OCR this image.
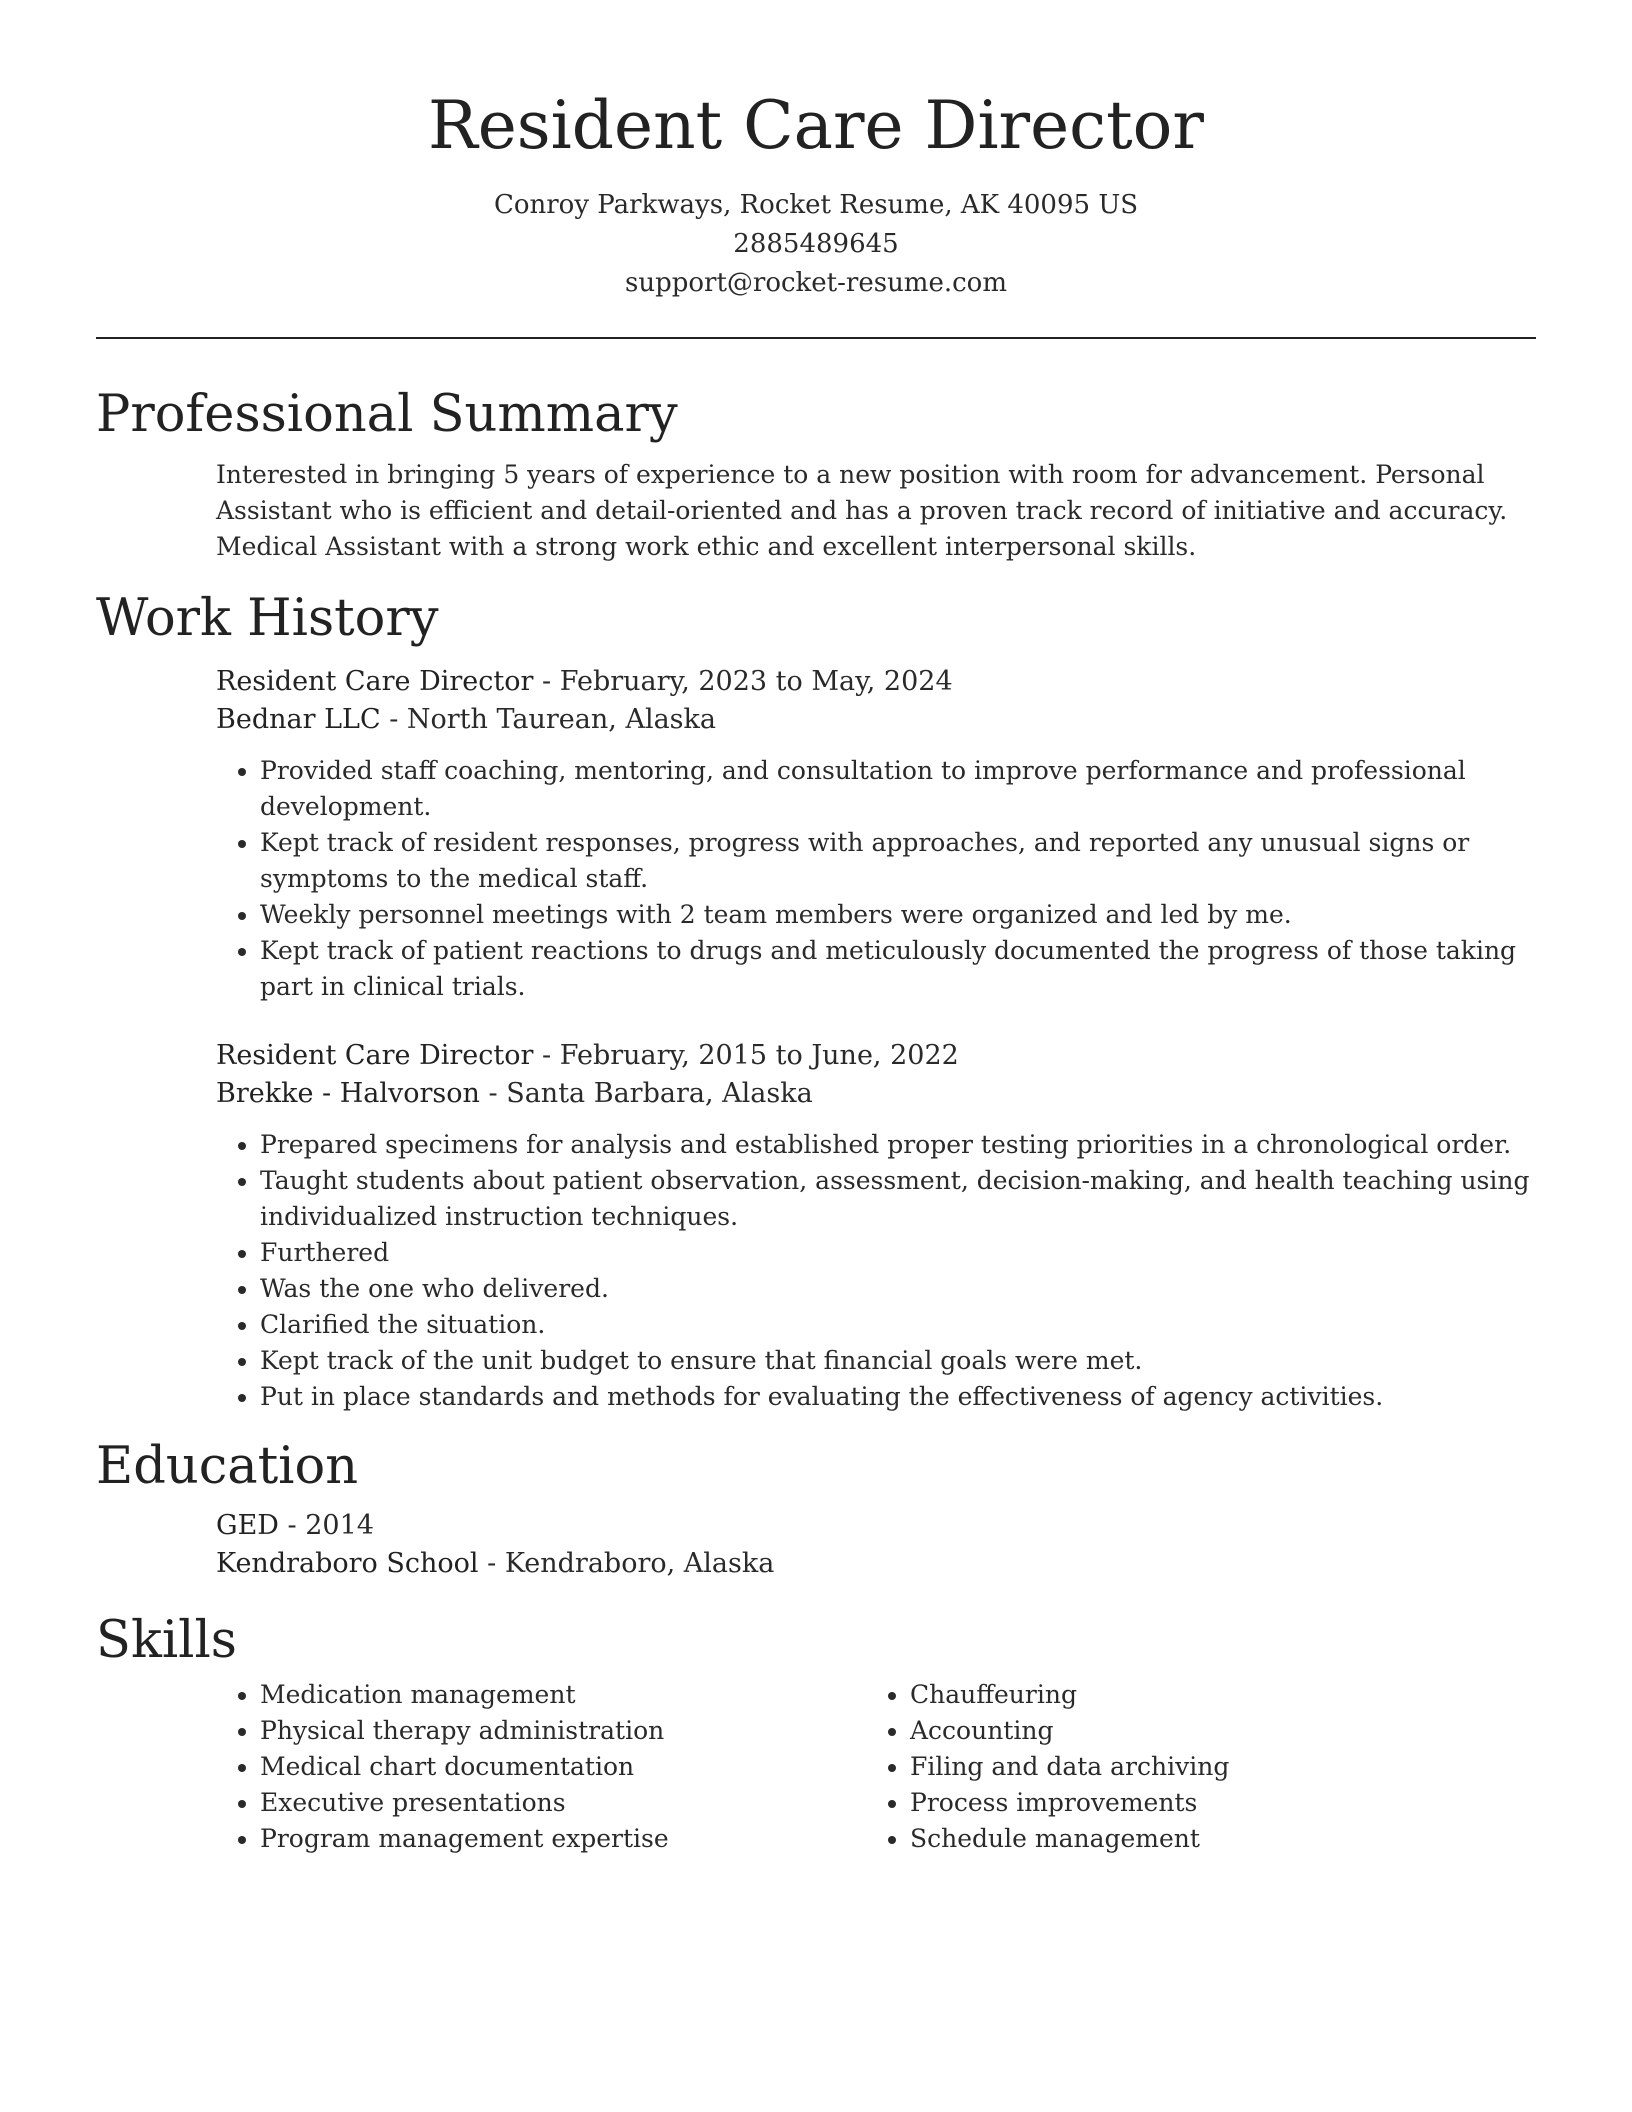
Resident Care Director
Conroy Parkways, Rocket Resume, AK 40095 US
2885489645
support@rocket-resume.com
Professional Summary

Interested in bringing 5 years of experience to a new position with room for advancement. Personal Assistant who is efficient and detail-oriented and has a proven track record of initiative and accuracy. Medical Assistant with a strong work ethic and excellent interpersonal skills.

Work History
Resident Care Director - February, 2023 to May, 2024
Bednar LLC - North Taurean, Alaska
• Provided staff coaching, mentoring, and consultation to improve performance and professional development.
• Kept track of resident responses, progress with approaches, and reported any unusual signs or symptoms to the medical staff.
• Weekly personnel meetings with 2 team members were organized and led by me.
• Kept track of patient reactions to drugs and meticulously documented the progress of those taking part in clinical trials.
Resident Care Director - February, 2015 to June, 2022
Brekke - Halvorson - Santa Barbara, Alaska
• Prepared specimens for analysis and established proper testing priorities in a chronological order.
• Taught students about patient observation, assessment, decision-making, and health teaching using individualized instruction techniques.
• Furthered
• Was the one who delivered.
• Clarified the situation.
• Kept track of the unit budget to ensure that financial goals were met.
• Put in place standards and methods for evaluating the effectiveness of agency activities.
Education
GED - 2014
Kendraboro School - Kendraboro, Alaska
Skills
• Medication management
• Physical therapy administration
• Medical chart documentation
• Executive presentations
• Program management expertise
• Chauffeuring
• Accounting
• Filing and data archiving
• Process improvements
• Schedule management
